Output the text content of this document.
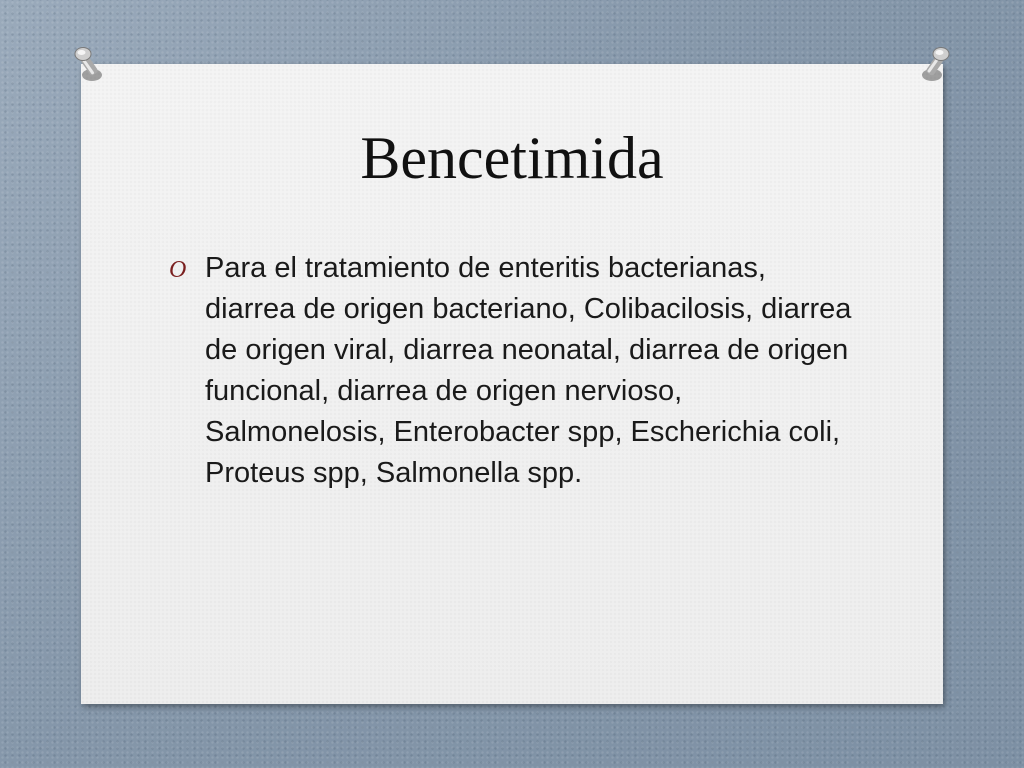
Bencetimida
O Para el tratamiento de enteritis bacterianas, diarrea de origen bacteriano, Colibacilosis, diarrea de origen viral, diarrea neonatal, diarrea de origen funcional, diarrea de origen nervioso, Salmonelosis, Enterobacter spp, Escherichia coli, Proteus spp, Salmonella spp.
